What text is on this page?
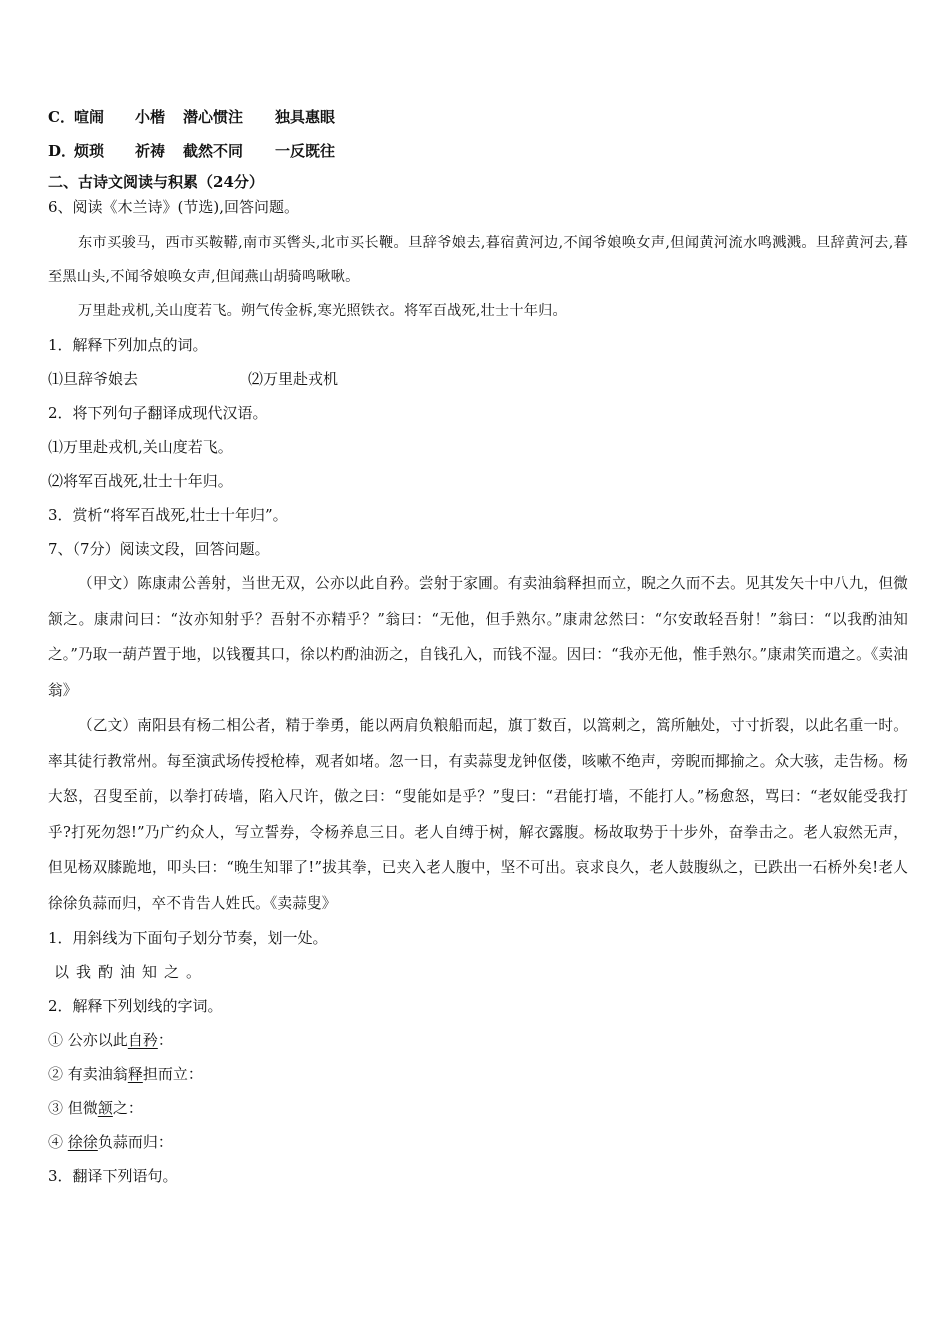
C．喧闹 小楷 潜心惯注 独具惠眼
D．烦琐 祈祷 截然不同 一反既往
二、古诗文阅读与积累（24分）
6、阅读《木兰诗》(节选),回答问题。

东市买骏马，西市买鞍鞯,南市买辔头,北市买长鞭。旦辞爷娘去,暮宿黄河边,不闻爷娘唤女声,但闻黄河流水鸣溅溅。旦辞黄河去,暮至黑山头,不闻爷娘唤女声,但闻燕山胡骑鸣啾啾。

万里赴戎机,关山度若飞。朔气传金柝,寒光照铁衣。将军百战死,壮士十年归。

1．解释下列加点的词。
⑴旦辞爷娘去	⑵万里赴戎机
2．将下列句子翻译成现代汉语。
⑴万里赴戎机,关山度若飞。
⑵将军百战死,壮士十年归。
3．赏析“将军百战死,壮士十年归”。
7、（7分）阅读文段，回答问题。

（甲文）陈康肃公善射，当世无双，公亦以此自矜。尝射于家圃。有卖油翁释担而立，睨之久而不去。见其发矢十中八九，但微颔之。康肃问曰：“汝亦知射乎？吾射不亦精乎？”翁曰：“无他，但手熟尔。”康肃忿然曰：“尔安敢轻吾射！”翁曰：“以我酌油知之。”乃取一葫芦置于地，以钱覆其口，徐以杓酌油沥之，自钱孔入，而钱不湿。因曰：“我亦无他，惟手熟尔。”康肃笑而遣之。《卖油翁》

（乙文）南阳县有杨二相公者，精于拳勇，能以两肩负粮船而起，旗丁数百，以篙刺之，篙所触处，寸寸折裂，以此名重一时。率其徒行教常州。每至演武场传授枪棒，观者如堵。忽一日，有卖蒜叟龙钟伛偻，咳嗽不绝声，旁睨而揶揄之。众大骇，走告杨。杨大怒，召叟至前，以拳打砖墙，陷入尺许，傲之曰：“叟能如是乎？”叟曰：“君能打墙，不能打人。”杨愈怒，骂曰：“老奴能受我打乎?打死勿怨!”乃广约众人，写立誓券，令杨养息三日。老人自缚于树，解衣露腹。杨故取势于十步外，奋拳击之。老人寂然无声，但见杨双膝跪地，叩头曰：“晚生知罪了!”拔其拳，已夹入老人腹中，坚不可出。哀求良久，老人鼓腹纵之，已跌出一石桥外矣!老人徐徐负蒜而归，卒不肯告人姓氏。《卖蒜叟》

1．用斜线为下面句子划分节奏，划一处。
以我酌油知之。
2．解释下列划线的字词。
① 公亦以此自矜：
② 有卖油翁释担而立：
③ 但微颔之：
④ 徐徐负蒜而归：
3．翻译下列语句。
